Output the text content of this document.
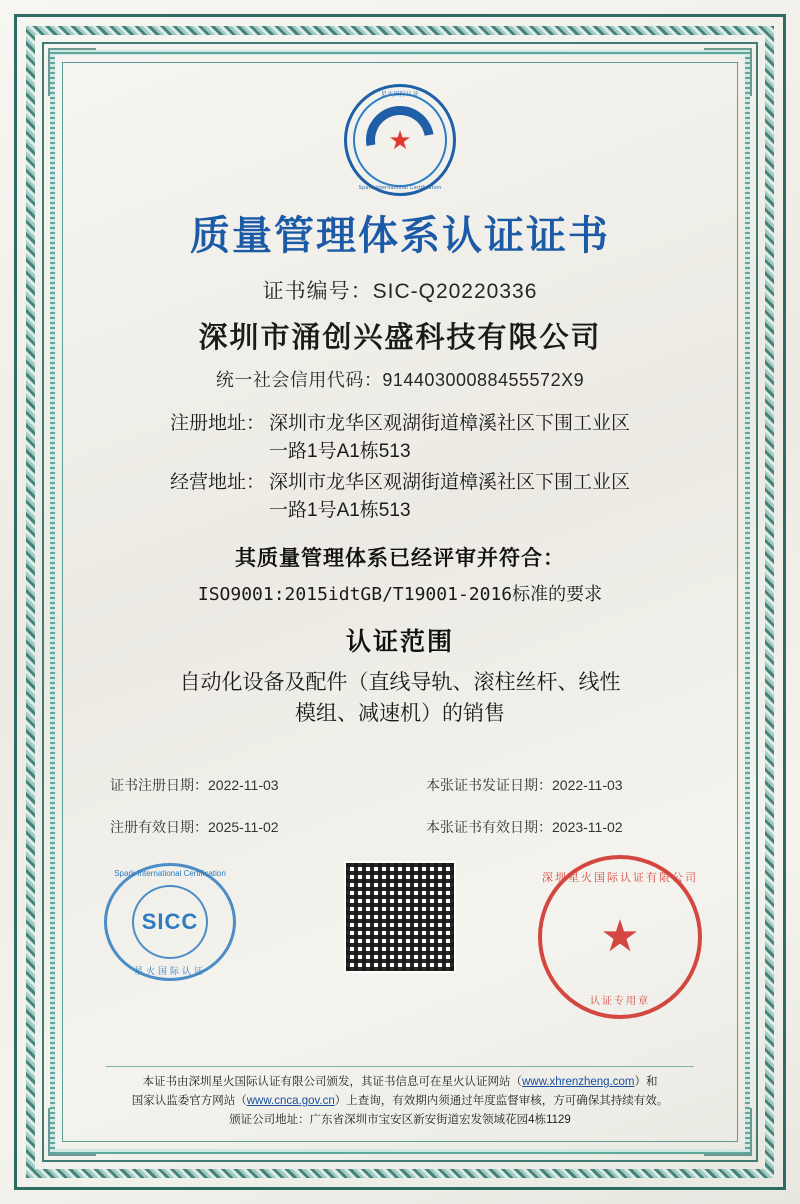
★
星火国际认证
Spark International Certification
质量管理体系认证证书
证书编号：SIC-Q20220336
深圳市涌创兴盛科技有限公司
统一社会信用代码：91440300088455572X9
注册地址： 深圳市龙华区观湖街道樟溪社区下围工业区
一路1号A1栋513
经营地址： 深圳市龙华区观湖街道樟溪社区下围工业区
一路1号A1栋513
其质量管理体系已经评审并符合：
ISO9001:2015idtGB/T19001-2016标准的要求
认证范围
自动化设备及配件（直线导轨、滚柱丝杆、线性
模组、减速机）的销售
证书注册日期：2022-11-03	本张证书发证日期：2022-11-03
注册有效日期：2025-11-02	本张证书有效日期：2023-11-02
Spark International Certification
SICC
星火国际认证
深圳星火国际认证有限公司
★
认证专用章
本证书由深圳星火国际认证有限公司颁发，其证书信息可在星火认证网站（www.xhrenzheng.com）和
国家认监委官方网站（www.cnca.gov.cn）上查询，有效期内须通过年度监督审核，方可确保其持续有效。
颁证公司地址：广东省深圳市宝安区新安街道宏发领域花园4栋1129
